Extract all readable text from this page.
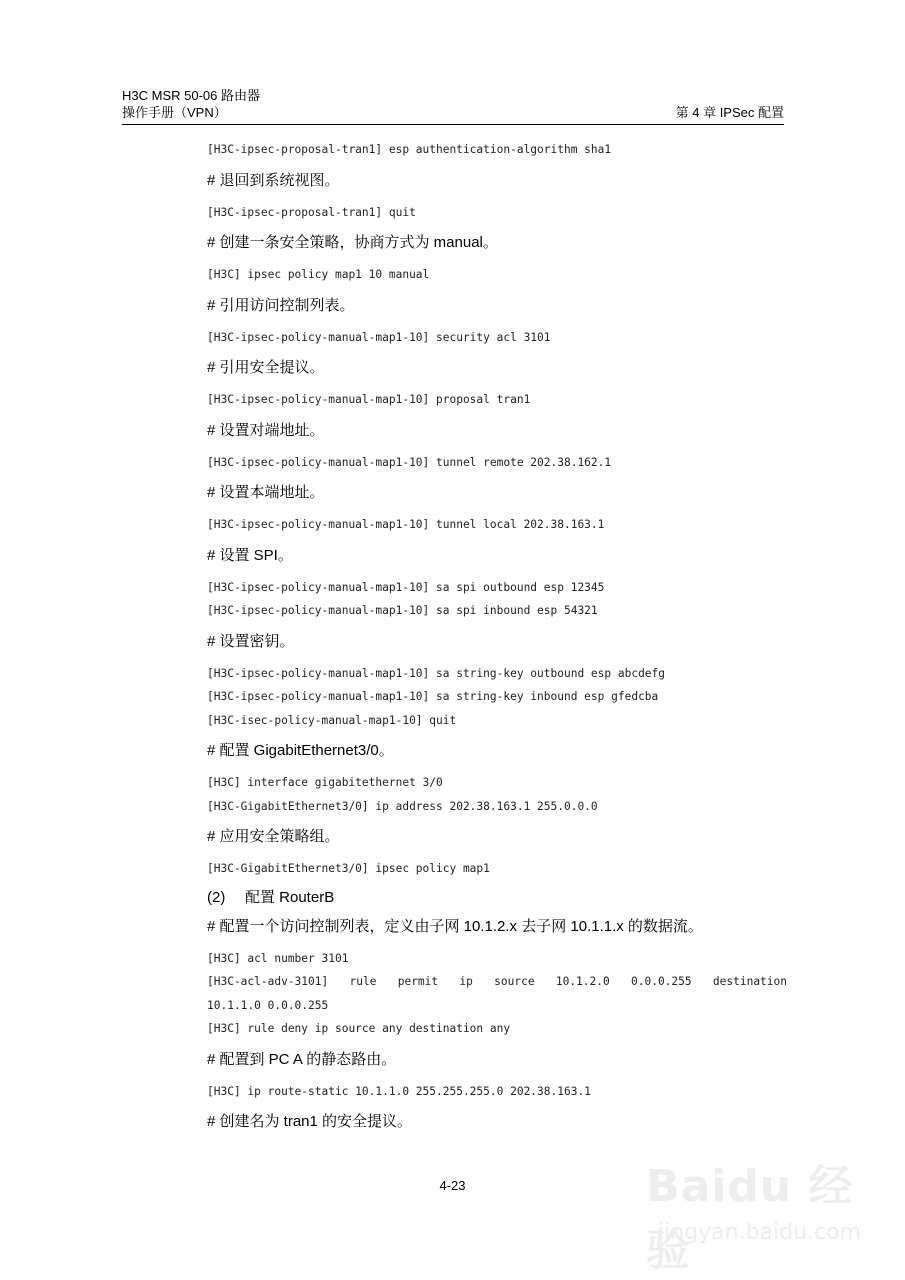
H3C MSR 50-06 路由器
操作手册（VPN）	第 4 章 IPSec 配置
[H3C-ipsec-proposal-tran1] esp authentication-algorithm sha1
# 退回到系统视图。
[H3C-ipsec-proposal-tran1] quit
# 创建一条安全策略，协商方式为 manual。
[H3C] ipsec policy map1 10 manual
# 引用访问控制列表。
[H3C-ipsec-policy-manual-map1-10] security acl 3101
# 引用安全提议。
[H3C-ipsec-policy-manual-map1-10] proposal tran1
# 设置对端地址。
[H3C-ipsec-policy-manual-map1-10] tunnel remote 202.38.162.1
# 设置本端地址。
[H3C-ipsec-policy-manual-map1-10] tunnel local 202.38.163.1
# 设置 SPI。
[H3C-ipsec-policy-manual-map1-10] sa spi outbound esp 12345
[H3C-ipsec-policy-manual-map1-10] sa spi inbound esp 54321
# 设置密钥。
[H3C-ipsec-policy-manual-map1-10] sa string-key outbound esp abcdefg
[H3C-ipsec-policy-manual-map1-10] sa string-key inbound esp gfedcba
[H3C-isec-policy-manual-map1-10] quit
# 配置 GigabitEthernet3/0。
[H3C] interface gigabitethernet 3/0
[H3C-GigabitEthernet3/0] ip address 202.38.163.1 255.0.0.0
# 应用安全策略组。
[H3C-GigabitEthernet3/0] ipsec policy map1
(2) 配置 RouterB
# 配置一个访问控制列表，定义由子网 10.1.2.x 去子网 10.1.1.x 的数据流。
[H3C] acl number 3101
[H3C-acl-adv-3101] rule permit ip source 10.1.2.0 0.0.0.255 destination
10.1.1.0 0.0.0.255
[H3C] rule deny ip source any destination any
# 配置到 PC A 的静态路由。
[H3C] ip route-static 10.1.1.0 255.255.255.0 202.38.163.1
# 创建名为 tran1 的安全提议。
4-23	Baidu 经验
jingyan.baidu.com
